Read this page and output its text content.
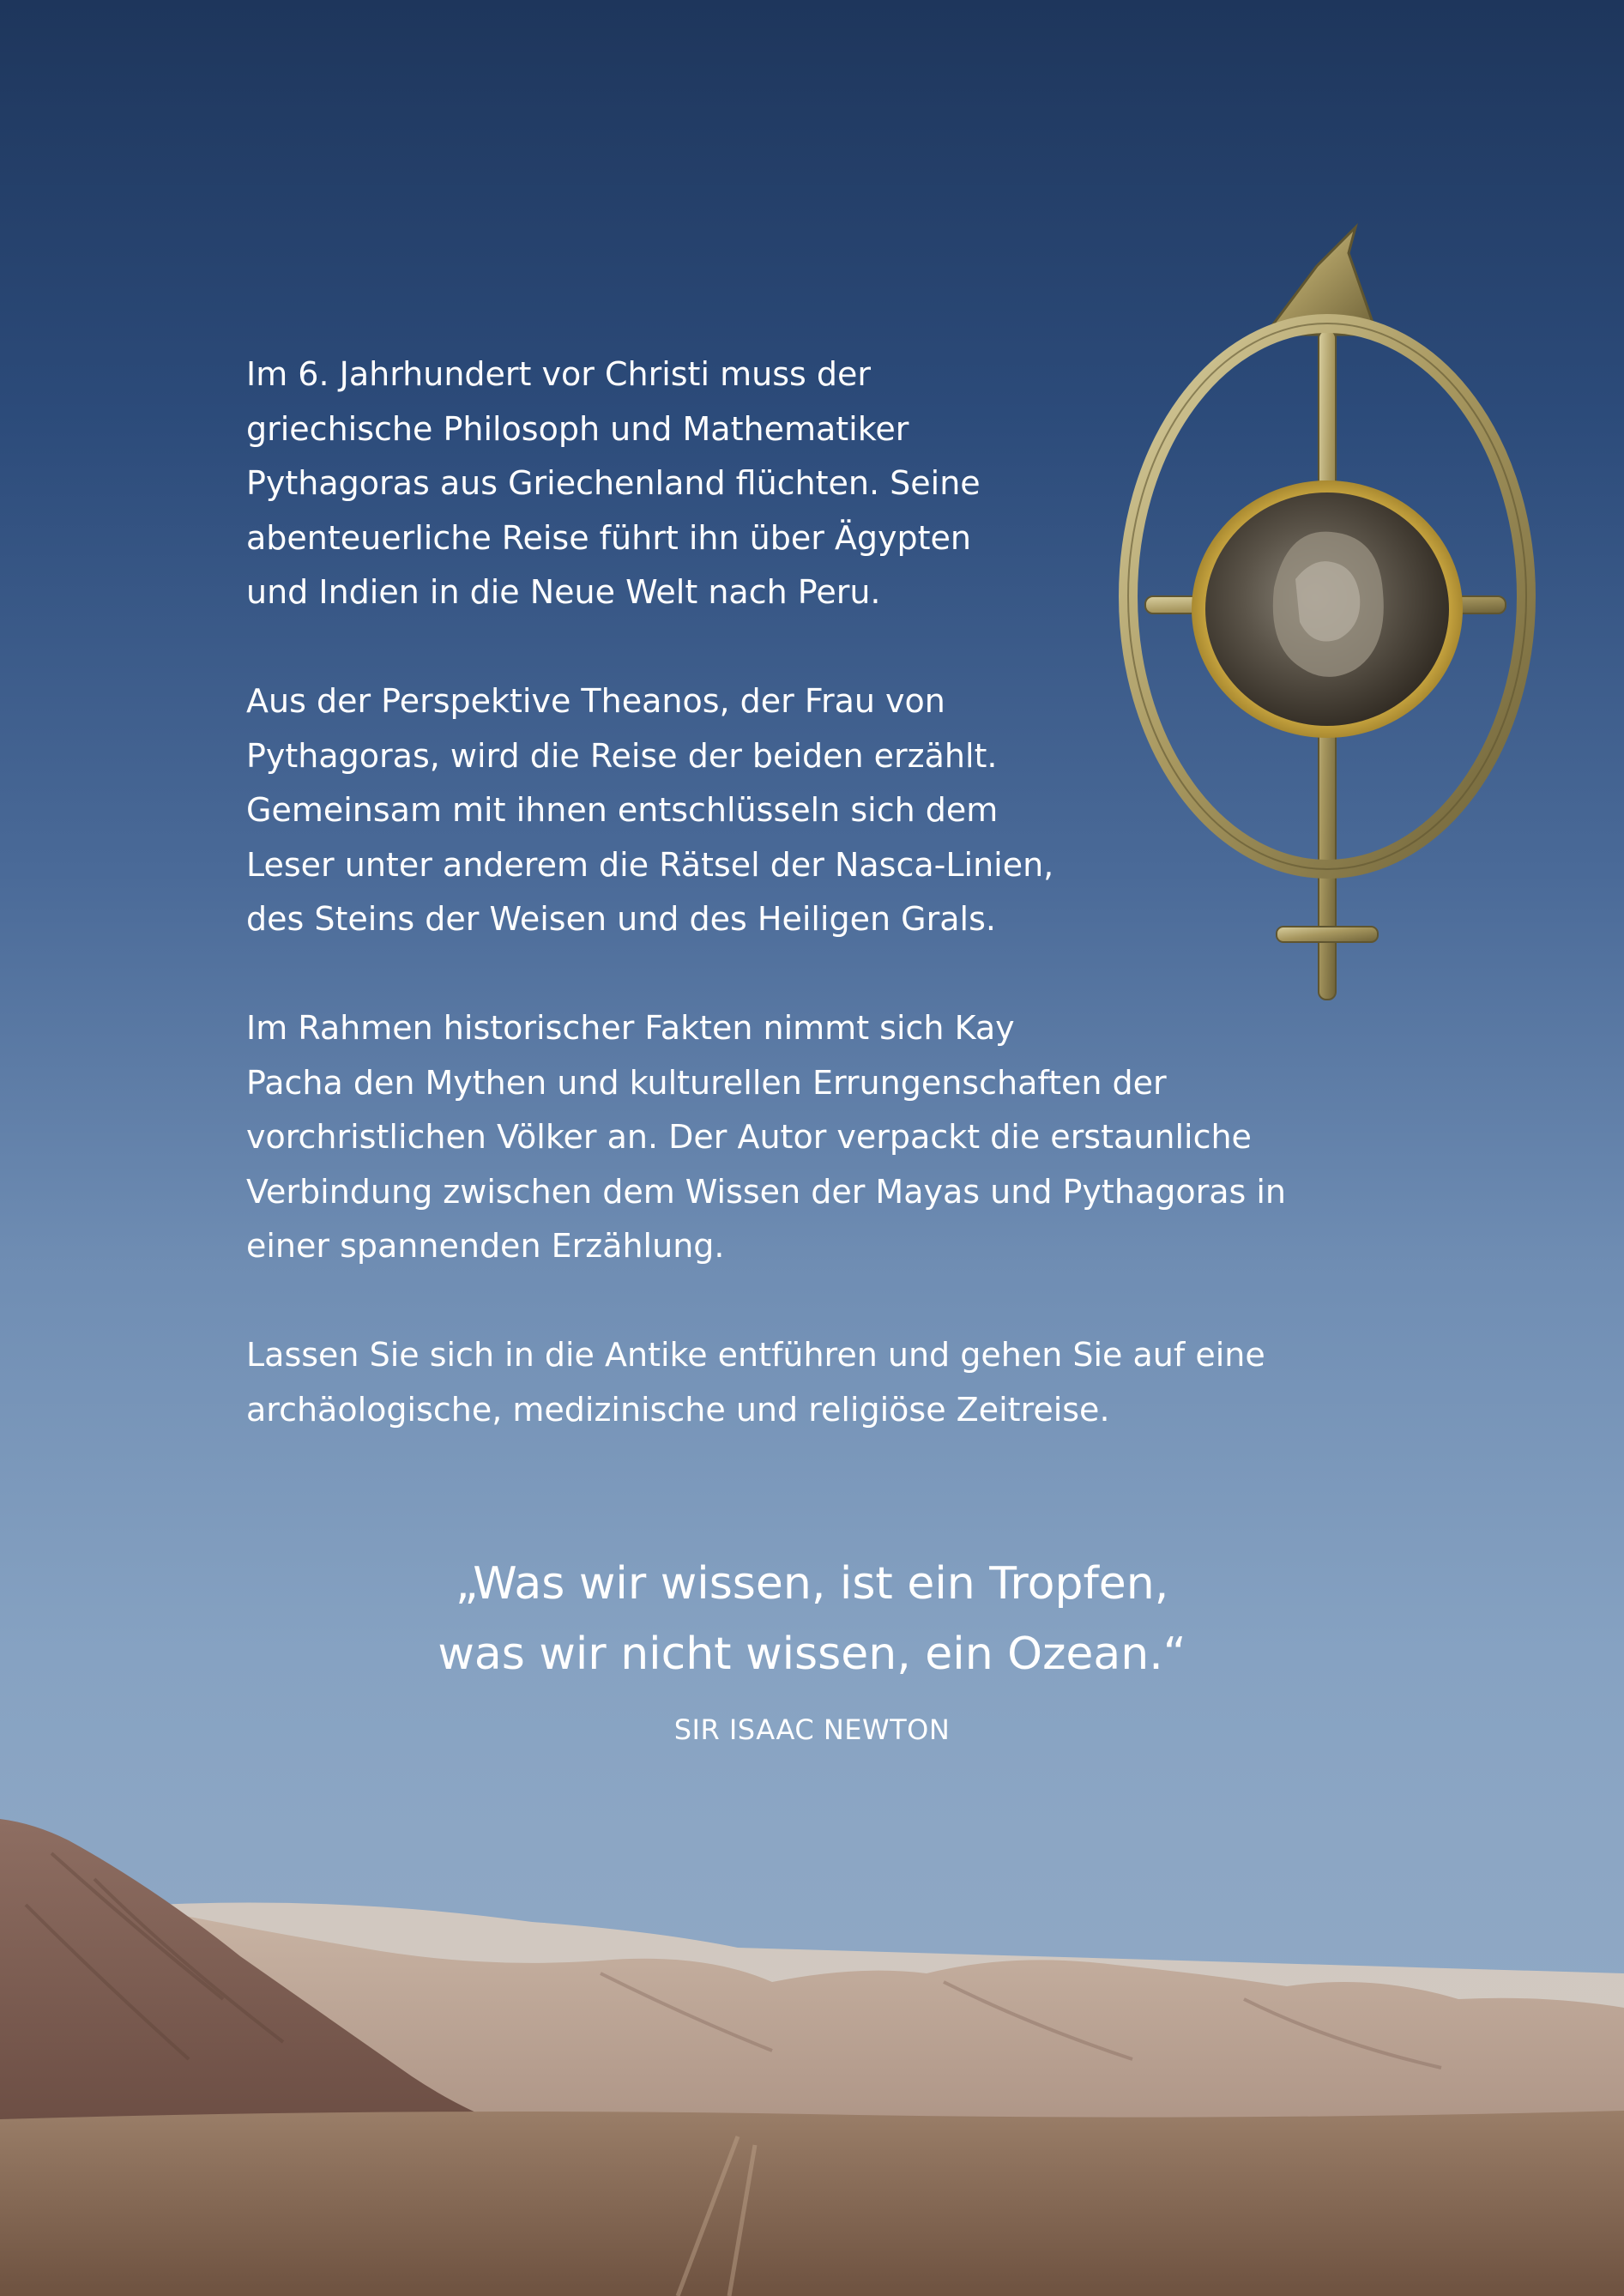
Im 6. Jahrhundert vor Christi muss der
griechische Philosoph und Mathematiker
Pythagoras aus Griechenland flüchten. Seine
abenteuerliche Reise führt ihn über Ägypten
und Indien in die Neue Welt nach Peru.

Aus der Perspektive Theanos, der Frau von
Pythagoras, wird die Reise der beiden erzählt.
Gemeinsam mit ihnen entschlüsseln sich dem
Leser unter anderem die Rätsel der Nasca-Linien,
des Steins der Weisen und des Heiligen Grals.

Im Rahmen historischer Fakten nimmt sich Kay
Pacha den Mythen und kulturellen Errungenschaften der
vorchristlichen Völker an. Der Autor verpackt die erstaunliche
Verbindung zwischen dem Wissen der Mayas und Pythagoras in
einer spannenden Erzählung.

Lassen Sie sich in die Antike entführen und gehen Sie auf eine
archäologische, medizinische und religiöse Zeitreise.

„Was wir wissen, ist ein Tropfen,
was wir nicht wissen, ein Ozean.“
SIR ISAAC NEWTON
